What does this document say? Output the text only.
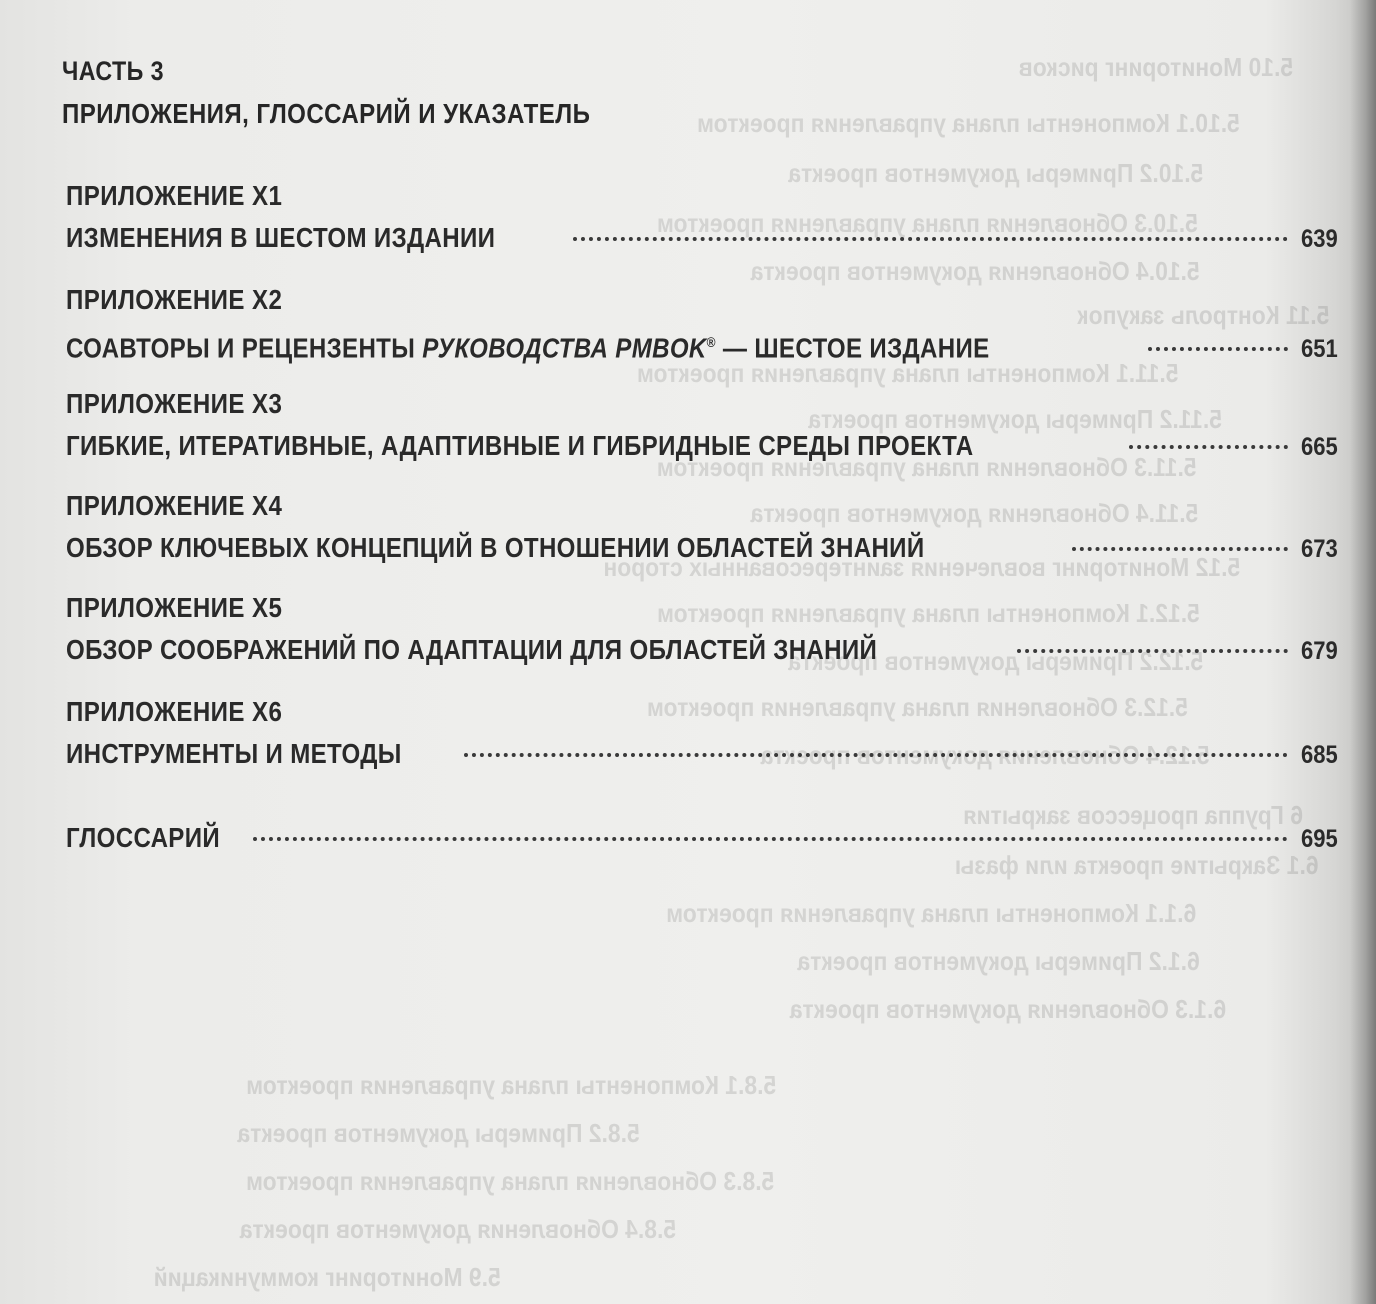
5.10 Мониторинг рисков
5.10.1 Компоненты плана управления проектом
5.10.2 Примеры документов проекта
5.10.3 Обновления плана управления проектом
5.10.4 Обновления документов проекта
5.11 Контроль закупок
5.11.1 Компоненты плана управления проектом
5.11.2 Примеры документов проекта
5.11.3 Обновления плана управления проектом
5.11.4 Обновления документов проекта
5.12 Мониторинг вовлечения заинтересованных сторон
5.12.1 Компоненты плана управления проектом
5.12.2 Примеры документов проекта
5.12.3 Обновления плана управления проектом
5.12.4 Обновления документов проекта
6 Группа процессов закрытия
6.1 Закрытие проекта или фазы
6.1.1 Компоненты плана управления проектом
6.1.2 Примеры документов проекта
6.1.3 Обновления документов проекта
5.8.1 Компоненты плана управления проектом
5.8.2 Примеры документов проекта
5.8.3 Обновления плана управления проектом
5.8.4 Обновления документов проекта
5.9 Мониторинг коммуникаций
ЧАСТЬ 3
ПРИЛОЖЕНИЯ, ГЛОССАРИЙ И УКАЗАТЕЛЬ
ПРИЛОЖЕНИЕ X1
ИЗМЕНЕНИЯ В ШЕСТОМ ИЗДАНИИ	639
ПРИЛОЖЕНИЕ X2
СОАВТОРЫ И РЕЦЕНЗЕНТЫ РУКОВОДСТВА PMBOK® — ШЕСТОЕ ИЗДАНИЕ	651
ПРИЛОЖЕНИЕ X3
ГИБКИЕ, ИТЕРАТИВНЫЕ, АДАПТИВНЫЕ И ГИБРИДНЫЕ СРЕДЫ ПРОЕКТА	665
ПРИЛОЖЕНИЕ X4
ОБЗОР КЛЮЧЕВЫХ КОНЦЕПЦИЙ В ОТНОШЕНИИ ОБЛАСТЕЙ ЗНАНИЙ	673
ПРИЛОЖЕНИЕ X5
ОБЗОР СООБРАЖЕНИЙ ПО АДАПТАЦИИ ДЛЯ ОБЛАСТЕЙ ЗНАНИЙ	679
ПРИЛОЖЕНИЕ X6
ИНСТРУМЕНТЫ И МЕТОДЫ	685
ГЛОССАРИЙ	695
